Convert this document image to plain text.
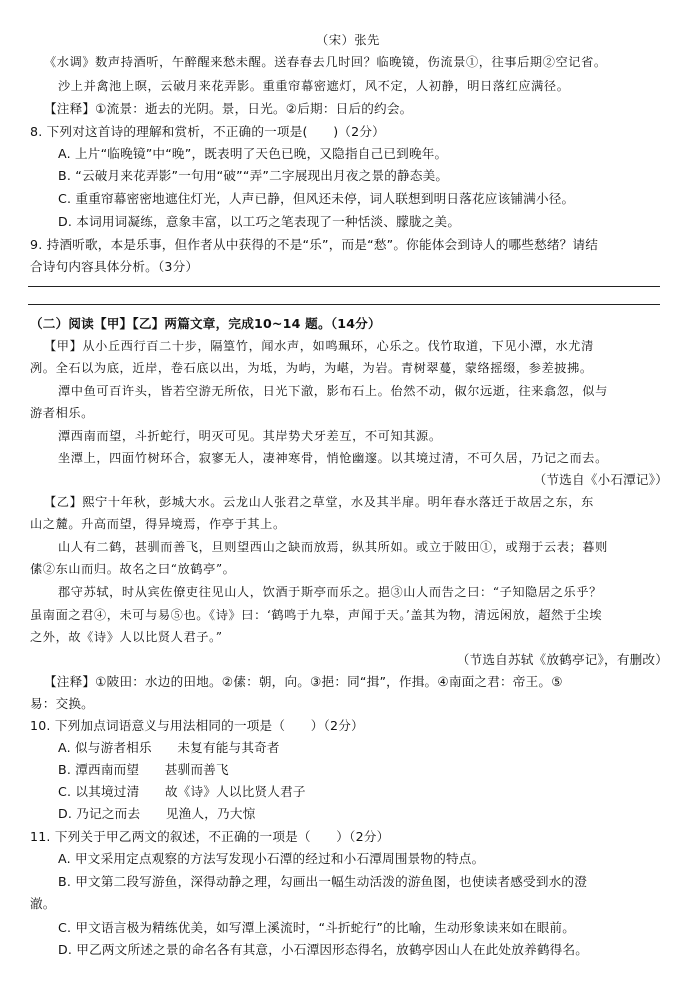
（宋）张先
《水调》数声持酒听，午醉醒来愁未醒。送春春去几时回？临晚镜，伤流景①，往事后期②空记省。
沙上并禽池上暝，云破月来花弄影。重重帘幕密遮灯，风不定，人初静，明日落红应满径。
【注释】①流景：逝去的光阴。景，日光。②后期：日后的约会。
8. 下列对这首诗的理解和赏析，不正确的一项是(　　)（2分）
A. 上片“临晚镜”中“晚”，既表明了天色已晚，又隐指自己已到晚年。
B. “云破月来花弄影”一句用“破”“弄”二字展现出月夜之景的静态美。
C. 重重帘幕密密地遮住灯光，人声已静，但风还未停，词人联想到明日落花应该铺满小径。
D. 本词用词凝练，意象丰富，以工巧之笔表现了一种恬淡、朦胧之美。
9. 持酒听歌，本是乐事，但作者从中获得的不是“乐”，而是“愁”。你能体会到诗人的哪些愁绪？请结
合诗句内容具体分析。（3分）
（二）阅读【甲】【乙】两篇文章，完成10~14 题。（14分）
【甲】从小丘西行百二十步，隔篁竹，闻水声，如鸣珮环，心乐之。伐竹取道，下见小潭，水尤清
冽。全石以为底，近岸，卷石底以出，为坻，为屿，为嵁，为岩。青树翠蔓，蒙络摇缀，参差披拂。
潭中鱼可百许头，皆若空游无所依，日光下澈，影布石上。佁然不动，俶尔远逝，往来翕忽，似与
游者相乐。
潭西南而望，斗折蛇行，明灭可见。其岸势犬牙差互，不可知其源。
坐潭上，四面竹树环合，寂寥无人，凄神寒骨，悄怆幽邃。以其境过清，不可久居，乃记之而去。
（节选自《小石潭记》）
【乙】熙宁十年秋，彭城大水。云龙山人张君之草堂，水及其半扉。明年春水落迁于故居之东，东
山之麓。升高而望，得异境焉，作亭于其上。
山人有二鹤，甚驯而善飞，旦则望西山之缺而放焉，纵其所如。或立于陂田①，或翔于云表；暮则
傃②东山而归。故名之曰“放鹤亭”。
郡守苏轼，时从宾佐僚吏往见山人，饮酒于斯亭而乐之。挹③山人而告之曰：“子知隐居之乐乎？
虽南面之君④，未可与易⑤也。《诗》曰：‘鹤鸣于九皋，声闻于天。’盖其为物，清远闲放，超然于尘埃
之外，故《诗》人以比贤人君子。”
（节选自苏轼《放鹤亭记》，有删改）
【注释】①陂田：水边的田地。②傃：朝，向。③挹：同“揖”，作揖。④南面之君：帝王。⑤
易：交换。
10. 下列加点词语意义与用法相同的一项是（　　）（2分）
A. 似与游者相乐　　未复有能与其奇者
B. 潭西南而望　　甚驯而善飞
C. 以其境过清　　故《诗》人以比贤人君子
D. 乃记之而去　　见渔人，乃大惊
11. 下列关于甲乙两文的叙述，不正确的一项是（　　）（2分）
A. 甲文采用定点观察的方法写发现小石潭的经过和小石潭周围景物的特点。
B. 甲文第二段写游鱼，深得动静之理，勾画出一幅生动活泼的游鱼图，也使读者感受到水的澄
澈。
C. 甲文语言极为精练优美，如写潭上溪流时，“斗折蛇行”的比喻，生动形象读来如在眼前。
D. 甲乙两文所述之景的命名各有其意，小石潭因形态得名，放鹤亭因山人在此处放养鹤得名。
